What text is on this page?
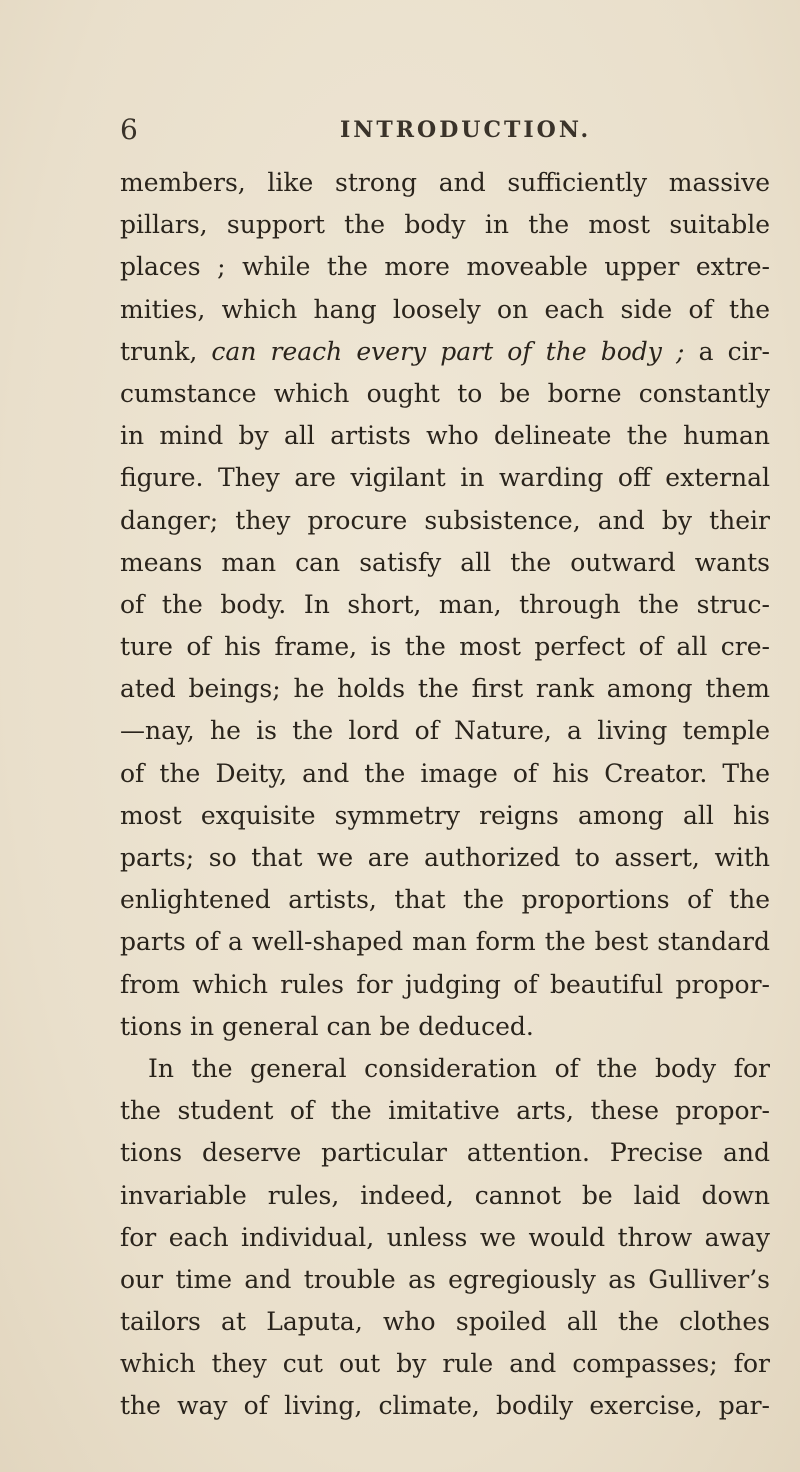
6	INTRODUCTION.
members, like strong and sufficiently massive
pillars, support the body in the most suitable
places ; while the more moveable upper extre-
mities, which hang loosely on each side of the
trunk, can reach every part of the body ; a cir-
cumstance which ought to be borne constantly
in mind by all artists who delineate the human
figure. They are vigilant in warding off external
danger; they procure subsistence, and by their
means man can satisfy all the outward wants
of the body. In short, man, through the struc-
ture of his frame, is the most perfect of all cre-
ated beings; he holds the first rank among them
—nay, he is the lord of Nature, a living temple
of the Deity, and the image of his Creator. The
most exquisite symmetry reigns among all his
parts; so that we are authorized to assert, with
enlightened artists, that the proportions of the
parts of a well-shaped man form the best standard
from which rules for judging of beautiful propor-
tions in general can be deduced.
In the general consideration of the body for
the student of the imitative arts, these propor-
tions deserve particular attention. Precise and
invariable rules, indeed, cannot be laid down
for each individual, unless we would throw away
our time and trouble as egregiously as Gulliver’s
tailors at Laputa, who spoiled all the clothes
which they cut out by rule and compasses; for
the way of living, climate, bodily exercise, par-
